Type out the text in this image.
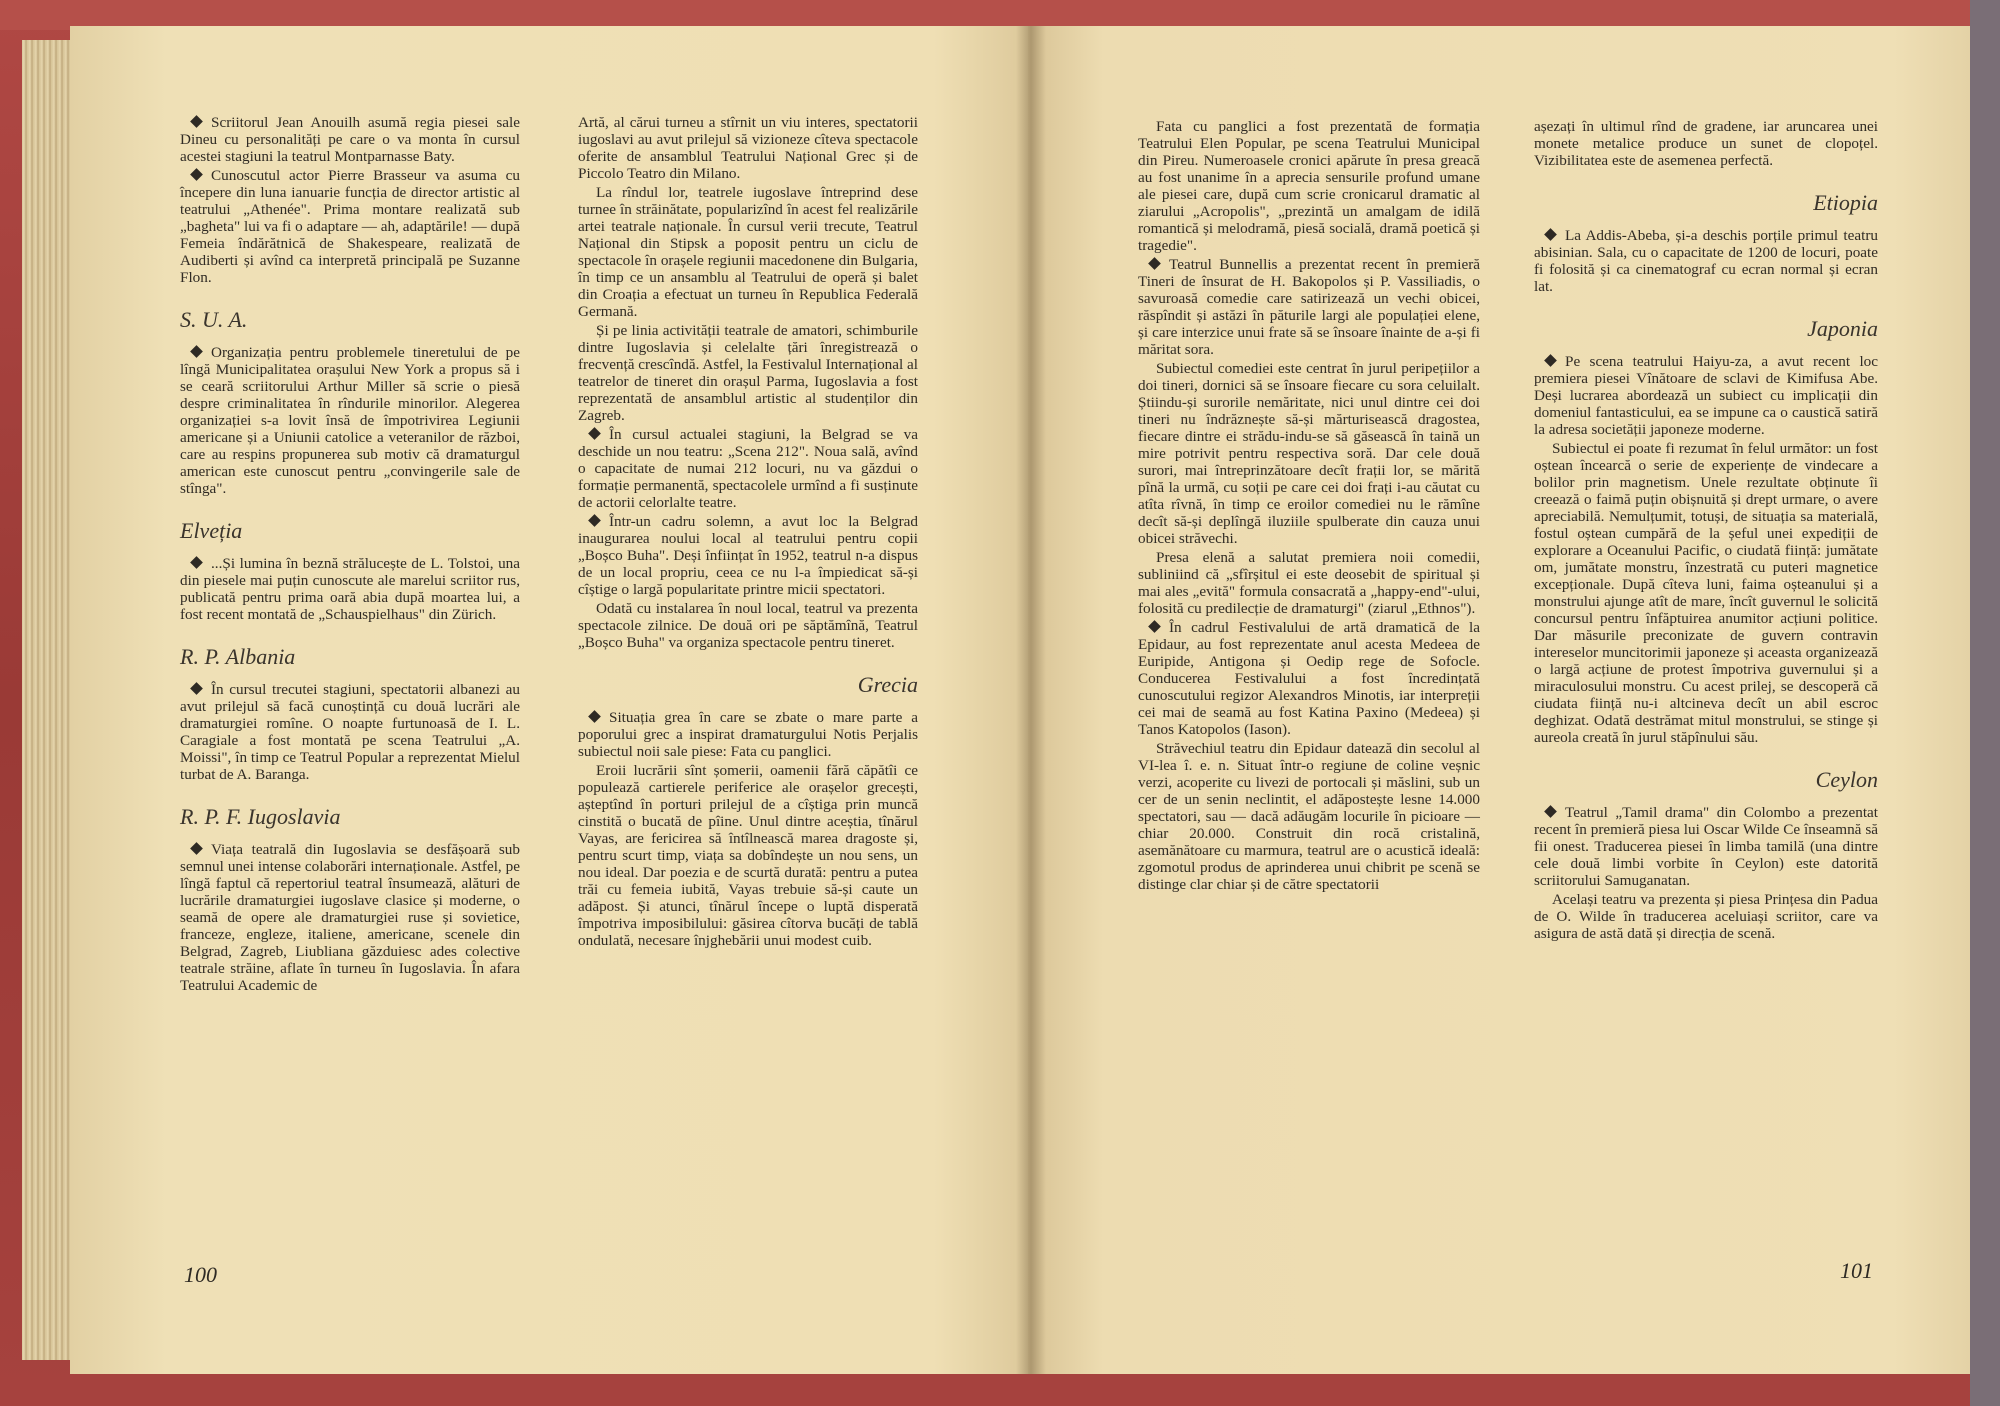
Scriitorul Jean Anouilh asumă regia piesei sale Dineu cu personalități pe care o va monta în cursul acestei stagiuni la teatrul Montparnasse Baty.

Cunoscutul actor Pierre Brasseur va asuma cu începere din luna ianuarie funcția de director artistic al teatrului „Athenée". Prima montare realizată sub „bagheta" lui va fi o adaptare — ah, adaptările! — după Femeia îndărătnică de Shakespeare, realizată de Audiberti și avînd ca interpretă principală pe Suzanne Flon.

S. U. A.

Organizația pentru problemele tineretului de pe lîngă Municipalitatea orașului New York a propus să i se ceară scriitorului Arthur Miller să scrie o piesă despre criminalitatea în rîndurile minorilor. Alegerea organizației s-a lovit însă de împotrivirea Legiunii americane și a Uniunii catolice a veteranilor de război, care au respins propunerea sub motiv că dramaturgul american este cunoscut pentru „convingerile sale de stînga".

Elveția

...Și lumina în beznă strălucește de L. Tolstoi, una din piesele mai puțin cunoscute ale marelui scriitor rus, publicată pentru prima oară abia după moartea lui, a fost recent montată de „Schauspielhaus" din Zürich.

R. P. Albania

În cursul trecutei stagiuni, spectatorii albanezi au avut prilejul să facă cunoștință cu două lucrări ale dramaturgiei romîne. O noapte furtunoasă de I. L. Caragiale a fost montată pe scena Teatrului „A. Moissi", în timp ce Teatrul Popular a reprezentat Mielul turbat de A. Baranga.

R. P. F. Iugoslavia

Viața teatrală din Iugoslavia se desfășoară sub semnul unei intense colaborări internaționale. Astfel, pe lîngă faptul că repertoriul teatral însumează, alături de lucrările dramaturgiei iugoslave clasice și moderne, o seamă de opere ale dramaturgiei ruse și sovietice, franceze, engleze, italiene, americane, scenele din Belgrad, Zagreb, Liubliana găzduiesc ades colective teatrale străine, aflate în turneu în Iugoslavia. În afara Teatrului Academic de

Artă, al cărui turneu a stîrnit un viu interes, spectatorii iugoslavi au avut prilejul să vizioneze cîteva spectacole oferite de ansamblul Teatrului Național Grec și de Piccolo Teatro din Milano.

La rîndul lor, teatrele iugoslave întreprind dese turnee în străinătate, popularizînd în acest fel realizările artei teatrale naționale. În cursul verii trecute, Teatrul Național din Stipsk a poposit pentru un ciclu de spectacole în orașele regiunii macedonene din Bulgaria, în timp ce un ansamblu al Teatrului de operă și balet din Croația a efectuat un turneu în Republica Federală Germană.

Și pe linia activității teatrale de amatori, schimburile dintre Iugoslavia și celelalte țări înregistrează o frecvență crescîndă. Astfel, la Festivalul Internațional al teatrelor de tineret din orașul Parma, Iugoslavia a fost reprezentată de ansamblul artistic al studenților din Zagreb.

În cursul actualei stagiuni, la Belgrad se va deschide un nou teatru: „Scena 212". Noua sală, avînd o capacitate de numai 212 locuri, nu va găzdui o formație permanentă, spectacolele urmînd a fi susținute de actorii celorlalte teatre.

Într-un cadru solemn, a avut loc la Belgrad inaugurarea noului local al teatrului pentru copii „Boșco Buha". Deși înființat în 1952, teatrul n-a dispus de un local propriu, ceea ce nu l-a împiedicat să-și cîștige o largă popularitate printre micii spectatori.

Odată cu instalarea în noul local, teatrul va prezenta spectacole zilnice. De două ori pe săptămînă, Teatrul „Boșco Buha" va organiza spectacole pentru tineret.

Grecia

Situația grea în care se zbate o mare parte a poporului grec a inspirat dramaturgului Notis Perjalis subiectul noii sale piese: Fata cu panglici.

Eroii lucrării sînt șomerii, oamenii fără căpătîi ce populează cartierele periferice ale orașelor grecești, așteptînd în porturi prilejul de a cîștiga prin muncă cinstită o bucată de pîine. Unul dintre aceștia, tînărul Vayas, are fericirea să întîlnească marea dragoste și, pentru scurt timp, viața sa dobîndește un nou sens, un nou ideal. Dar poezia e de scurtă durată: pentru a putea trăi cu femeia iubită, Vayas trebuie să-și caute un adăpost. Și atunci, tînărul începe o luptă disperată împotriva imposibilului: găsirea cîtorva bucăți de tablă ondulată, necesare înjghebării unui modest cuib.

100

Fata cu panglici a fost prezentată de formația Teatrului Elen Popular, pe scena Teatrului Municipal din Pireu. Numeroasele cronici apărute în presa greacă au fost unanime în a aprecia sensurile profund umane ale piesei care, după cum scrie cronicarul dramatic al ziarului „Acropolis", „prezintă un amalgam de idilă romantică și melodramă, piesă socială, dramă poetică și tragedie".

Teatrul Bunnellis a prezentat recent în premieră Tineri de însurat de H. Bakopolos și P. Vassiliadis, o savuroasă comedie care satirizează un vechi obicei, răspîndit și astăzi în păturile largi ale populației elene, și care interzice unui frate să se însoare înainte de a-și fi măritat sora.

Subiectul comediei este centrat în jurul peripețiilor a doi tineri, dornici să se însoare fiecare cu sora celuilalt. Știindu-și surorile nemăritate, nici unul dintre cei doi tineri nu îndrăznește să-și mărturisească dragostea, fiecare dintre ei strădu-indu-se să găsească în taină un mire potrivit pentru respectiva soră. Dar cele două surori, mai întreprinzătoare decît frații lor, se mărită pînă la urmă, cu soții pe care cei doi frați i-au căutat cu atîta rîvnă, în timp ce eroilor comediei nu le rămîne decît să-și deplîngă iluziile spulberate din cauza unui obicei străvechi.

Presa elenă a salutat premiera noii comedii, subliniind că „sfîrșitul ei este deosebit de spiritual și mai ales „evită" formula consacrată a „happy-end"-ului, folosită cu predilecție de dramaturgi" (ziarul „Ethnos").

În cadrul Festivalului de artă dramatică de la Epidaur, au fost reprezentate anul acesta Medeea de Euripide, Antigona și Oedip rege de Sofocle. Conducerea Festivalului a fost încredințată cunoscutului regizor Alexandros Minotis, iar interpreții cei mai de seamă au fost Katina Paxino (Medeea) și Tanos Katopolos (Iason).

Străvechiul teatru din Epidaur datează din secolul al VI-lea î. e. n. Situat într-o regiune de coline veșnic verzi, acoperite cu livezi de portocali și măslini, sub un cer de un senin neclintit, el adăpostește lesne 14.000 spectatori, sau — dacă adăugăm locurile în picioare — chiar 20.000. Construit din rocă cristalină, asemănătoare cu marmura, teatrul are o acustică ideală: zgomotul produs de aprinderea unui chibrit pe scenă se distinge clar chiar și de către spectatorii

așezați în ultimul rînd de gradene, iar aruncarea unei monete metalice produce un sunet de clopoțel. Vizibilitatea este de asemenea perfectă.

Etiopia

La Addis-Abeba, și-a deschis porțile primul teatru abisinian. Sala, cu o capacitate de 1200 de locuri, poate fi folosită și ca cinematograf cu ecran normal și ecran lat.

Japonia

Pe scena teatrului Haiyu-za, a avut recent loc premiera piesei Vînătoare de sclavi de Kimifusa Abe. Deși lucrarea abordează un subiect cu implicații din domeniul fantasticului, ea se impune ca o caustică satiră la adresa societății japoneze moderne.

Subiectul ei poate fi rezumat în felul următor: un fost oștean încearcă o serie de experiențe de vindecare a bolilor prin magnetism. Unele rezultate obținute îi creează o faimă puțin obișnuită și drept urmare, o avere apreciabilă. Nemulțumit, totuși, de situația sa materială, fostul oștean cumpără de la șeful unei expediții de explorare a Oceanului Pacific, o ciudată ființă: jumătate om, jumătate monstru, înzestrată cu puteri magnetice excepționale. După cîteva luni, faima oșteanului și a monstrului ajunge atît de mare, încît guvernul le solicită concursul pentru înfăptuirea anumitor acțiuni politice. Dar măsurile preconizate de guvern contravin intereselor muncitorimii japoneze și aceasta organizează o largă acțiune de protest împotriva guvernului și a miraculosului monstru. Cu acest prilej, se descoperă că ciudata ființă nu-i altcineva decît un abil escroc deghizat. Odată destrămat mitul monstrului, se stinge și aureola creată în jurul stăpînului său.

Ceylon

Teatrul „Tamil drama" din Colombo a prezentat recent în premieră piesa lui Oscar Wilde Ce înseamnă să fii onest. Traducerea piesei în limba tamilă (una dintre cele două limbi vorbite în Ceylon) este datorită scriitorului Samuganatan.

Același teatru va prezenta și piesa Prințesa din Padua de O. Wilde în traducerea aceluiași scriitor, care va asigura de astă dată și direcția de scenă.

101
